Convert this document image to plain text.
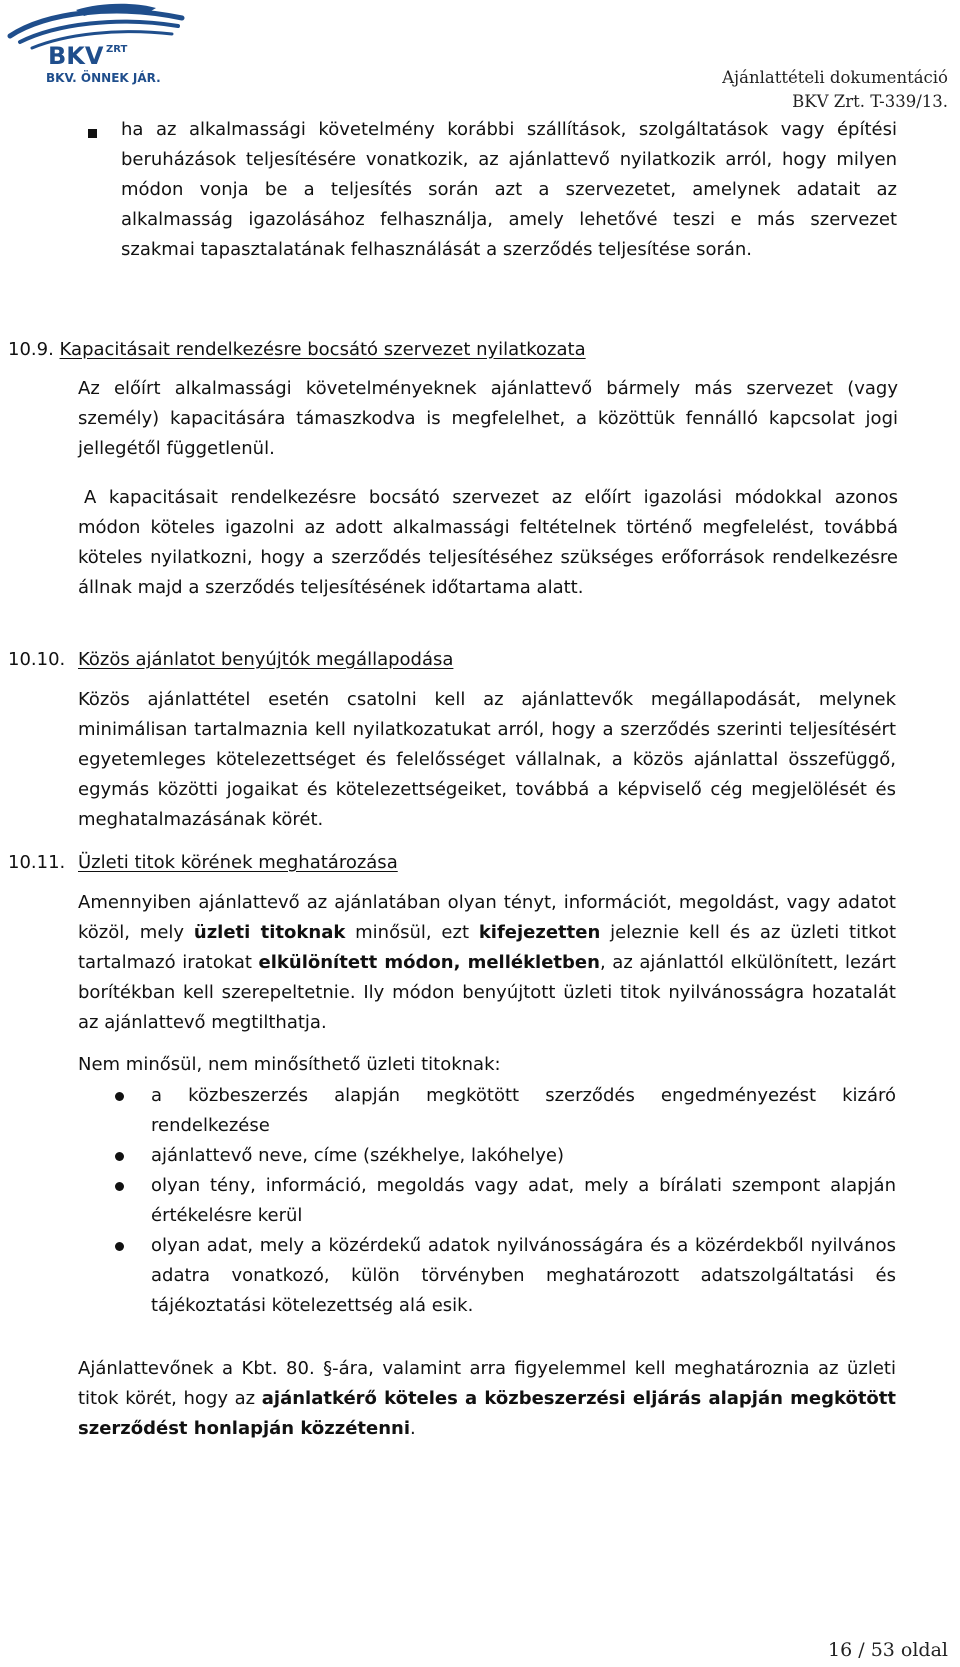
BKV ZRT
BKV. ÖNNEK JÁR.	Ajánlattételi dokumentáció
BKV Zrt. T-339/13.

ha az alkalmassági követelmény korábbi szállítások, szolgáltatások vagy építési beruházások teljesítésére vonatkozik, az ajánlattevő nyilatkozik arról, hogy milyen módon vonja be a teljesítés során azt a szervezetet, amelynek adatait az alkalmasság igazolásához felhasználja, amely lehetővé teszi e más szervezet szakmai tapasztalatának felhasználását a szerződés teljesítése során.

10.9. Kapacitásait rendelkezésre bocsátó szervezet nyilatkozata

Az előírt alkalmassági követelményeknek ajánlattevő bármely más szervezet (vagy személy) kapacitására támaszkodva is megfelelhet, a közöttük fennálló kapcsolat jogi jellegétől függetlenül.

A kapacitásait rendelkezésre bocsátó szervezet az előírt igazolási módokkal azonos módon köteles igazolni az adott alkalmassági feltételnek történő megfelelést, továbbá köteles nyilatkozni, hogy a szerződés teljesítéséhez szükséges erőforrások rendelkezésre állnak majd a szerződés teljesítésének időtartama alatt.

10.10. Közös ajánlatot benyújtók megállapodása

Közös ajánlattétel esetén csatolni kell az ajánlattevők megállapodását, melynek minimálisan tartalmaznia kell nyilatkozatukat arról, hogy a szerződés szerinti teljesítésért egyetemleges kötelezettséget és felelősséget vállalnak, a közös ajánlattal összefüggő, egymás közötti jogaikat és kötelezettségeiket, továbbá a képviselő cég megjelölését és meghatalmazásának körét.

10.11. Üzleti titok körének meghatározása

Amennyiben ajánlattevő az ajánlatában olyan tényt, információt, megoldást, vagy adatot közöl, mely üzleti titoknak minősül, ezt kifejezetten jeleznie kell és az üzleti titkot tartalmazó iratokat elkülönített módon, mellékletben, az ajánlattól elkülönített, lezárt borítékban kell szerepeltetnie. Ily módon benyújtott üzleti titok nyilvánosságra hozatalát az ajánlattevő megtilthatja.

Nem minősül, nem minősíthető üzleti titoknak:

a közbeszerzés alapján megkötött szerződés engedményezést kizáró rendelkezése
ajánlattevő neve, címe (székhelye, lakóhelye)
olyan tény, információ, megoldás vagy adat, mely a bírálati szempont alapján értékelésre kerül
olyan adat, mely a közérdekű adatok nyilvánosságára és a közérdekből nyilvános adatra vonatkozó, külön törvényben meghatározott adatszolgáltatási és tájékoztatási kötelezettség alá esik.

Ajánlattevőnek a Kbt. 80. §-ára, valamint arra figyelemmel kell meghatároznia az üzleti titok körét, hogy az ajánlatkérő köteles a közbeszerzési eljárás alapján megkötött szerződést honlapján közzétenni.

16 / 53 oldal
